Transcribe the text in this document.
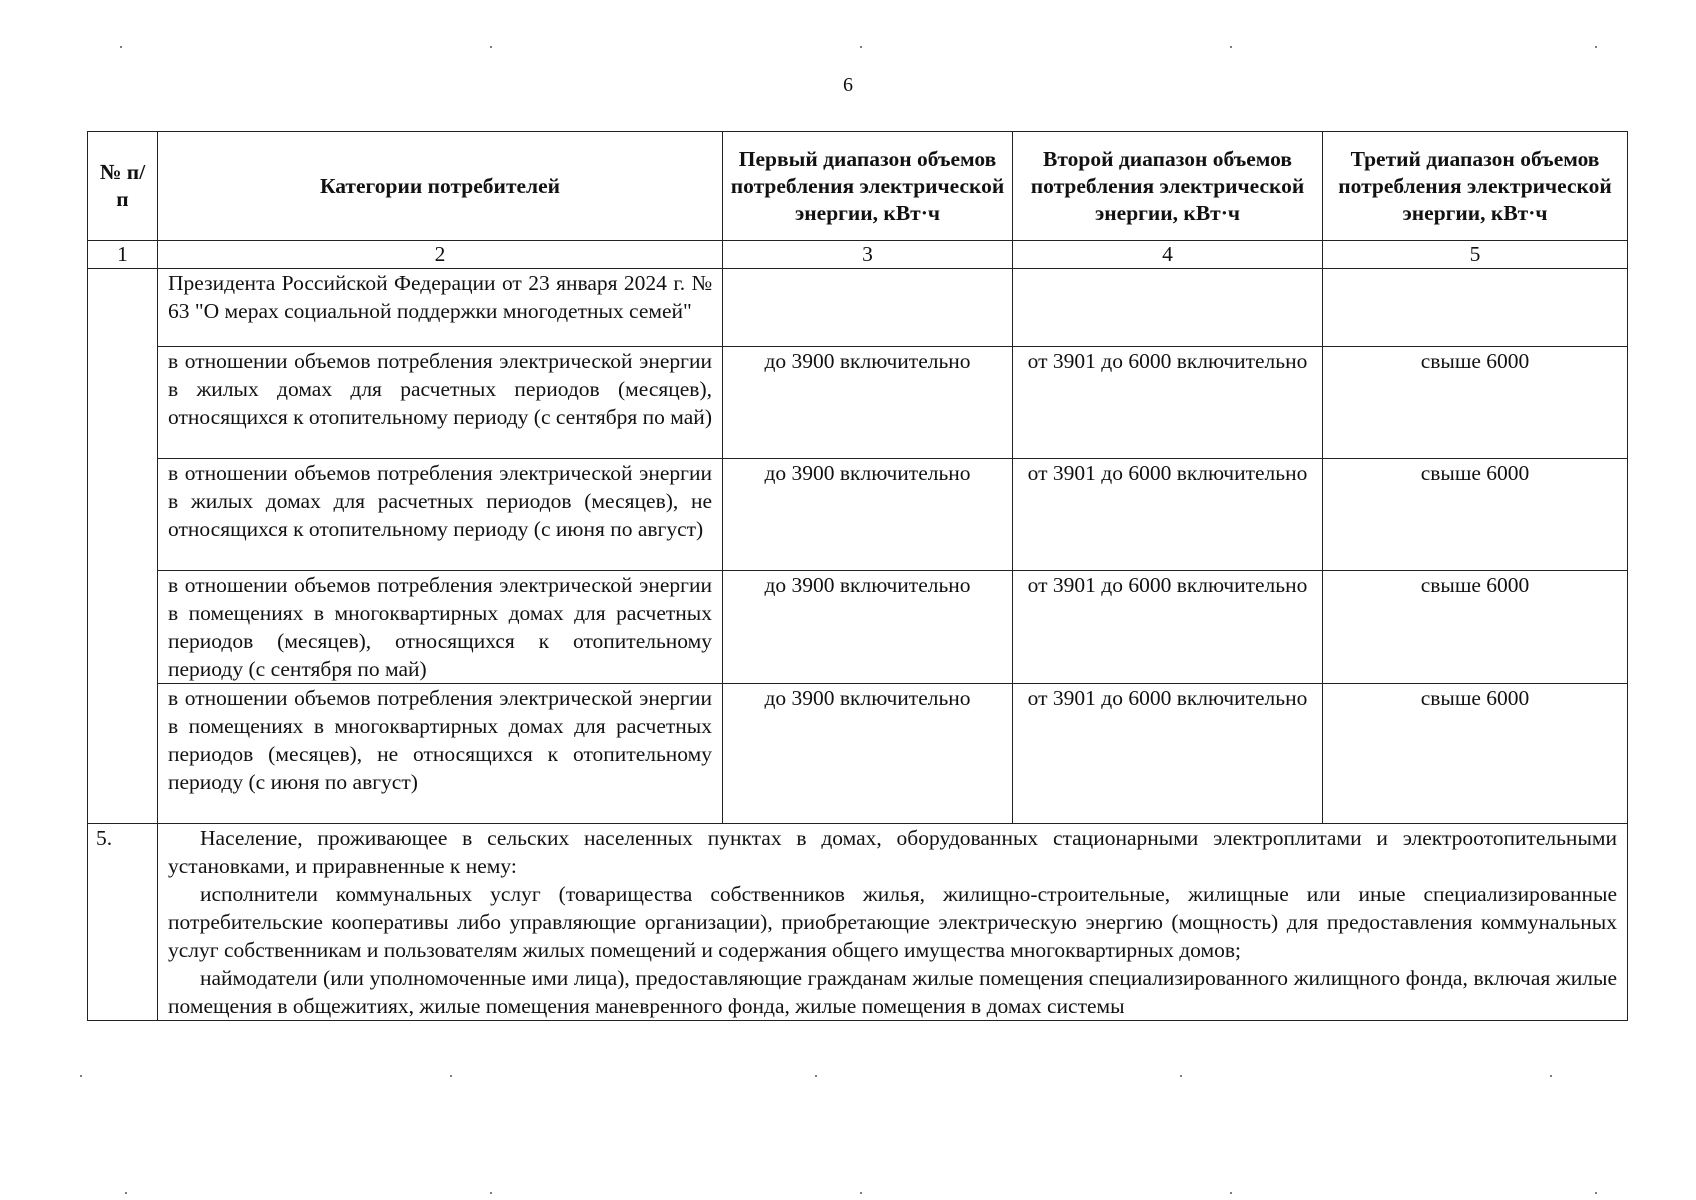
6
№ п/п	Категории потребителей	Первый диапазон объемов потребления электрической энергии, кВт·ч	Второй диапазон объемов потребления электрической энергии, кВт·ч	Третий диапазон объемов потребления электрической энергии, кВт·ч
1	2	3	4	5
	Президента Российской Федерации от 23 января 2024 г. № 63 "О мерах социальной поддержки многодетных семей"			
	в отношении объемов потребления электрической энергии в жилых домах для расчетных периодов (месяцев), относящихся к отопительному периоду (с сентября по май)	до 3900 включительно	от 3901 до 6000 включительно	свыше 6000
	в отношении объемов потребления электрической энергии в жилых домах для расчетных периодов (месяцев), не относящихся к отопительному периоду (с июня по август)	до 3900 включительно	от 3901 до 6000 включительно	свыше 6000
	в отношении объемов потребления электрической энергии в помещениях в многоквартирных домах для расчетных периодов (месяцев), относящихся к отопительному периоду (с сентября по май)	до 3900 включительно	от 3901 до 6000 включительно	свыше 6000
	в отношении объемов потребления электрической энергии в помещениях в многоквартирных домах для расчетных периодов (месяцев), не относящихся к отопительному периоду (с июня по август)	до 3900 включительно	от 3901 до 6000 включительно	свыше 6000
5.	Население, проживающее в сельских населенных пунктах в домах, оборудованных стационарными электроплитами и электроотопительными установками, и приравненные к нему:

исполнители коммунальных услуг (товарищества собственников жилья, жилищно-строительные, жилищные или иные специализированные потребительские кооперативы либо управляющие организации), приобретающие электрическую энергию (мощность) для предоставления коммунальных услуг собственникам и пользователям жилых помещений и содержания общего имущества многоквартирных домов;

наймодатели (или уполномоченные ими лица), предоставляющие гражданам жилые помещения специализированного жилищного фонда, включая жилые помещения в общежитиях, жилые помещения маневренного фонда, жилые помещения в домах системы			
